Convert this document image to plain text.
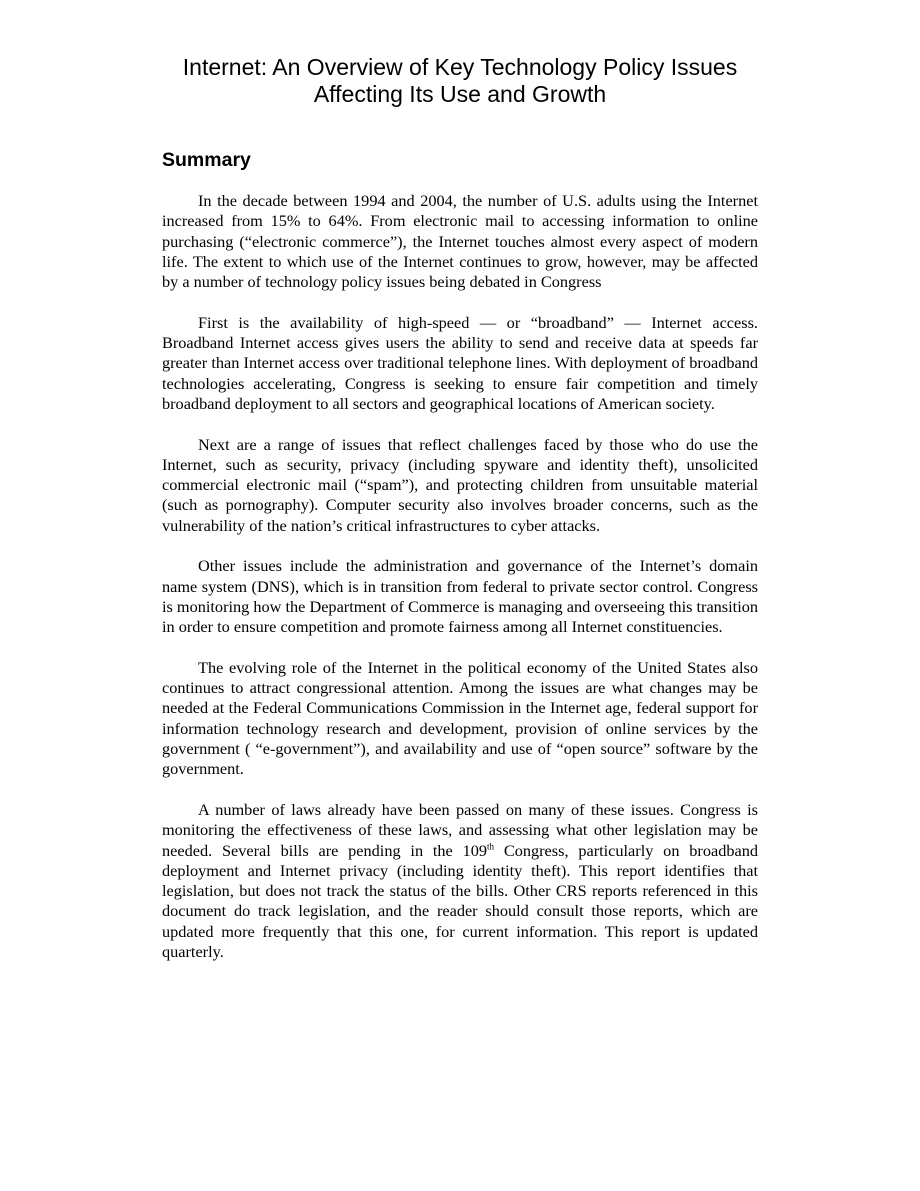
Internet: An Overview of Key Technology Policy Issues
Affecting Its Use and Growth
Summary

In the decade between 1994 and 2004, the number of U.S. adults using the Internet increased from 15% to 64%. From electronic mail to accessing information to online purchasing (“electronic commerce”), the Internet touches almost every aspect of modern life. The extent to which use of the Internet continues to grow, however, may be affected by a number of technology policy issues being debated in Congress

First is the availability of high-speed — or “broadband” — Internet access. Broadband Internet access gives users the ability to send and receive data at speeds far greater than Internet access over traditional telephone lines. With deployment of broadband technologies accelerating, Congress is seeking to ensure fair competition and timely broadband deployment to all sectors and geographical locations of American society.

Next are a range of issues that reflect challenges faced by those who do use the Internet, such as security, privacy (including spyware and identity theft), unsolicited commercial electronic mail (“spam”), and protecting children from unsuitable material (such as pornography). Computer security also involves broader concerns, such as the vulnerability of the nation’s critical infrastructures to cyber attacks.

Other issues include the administration and governance of the Internet’s domain name system (DNS), which is in transition from federal to private sector control. Congress is monitoring how the Department of Commerce is managing and overseeing this transition in order to ensure competition and promote fairness among all Internet constituencies.

The evolving role of the Internet in the political economy of the United States also continues to attract congressional attention. Among the issues are what changes may be needed at the Federal Communications Commission in the Internet age, federal support for information technology research and development, provision of online services by the government ( “e-government”), and availability and use of “open source” software by the government.

A number of laws already have been passed on many of these issues. Congress is monitoring the effectiveness of these laws, and assessing what other legislation may be needed. Several bills are pending in the 109th Congress, particularly on broadband deployment and Internet privacy (including identity theft). This report identifies that legislation, but does not track the status of the bills. Other CRS reports referenced in this document do track legislation, and the reader should consult those reports, which are updated more frequently that this one, for current information. This report is updated quarterly.
